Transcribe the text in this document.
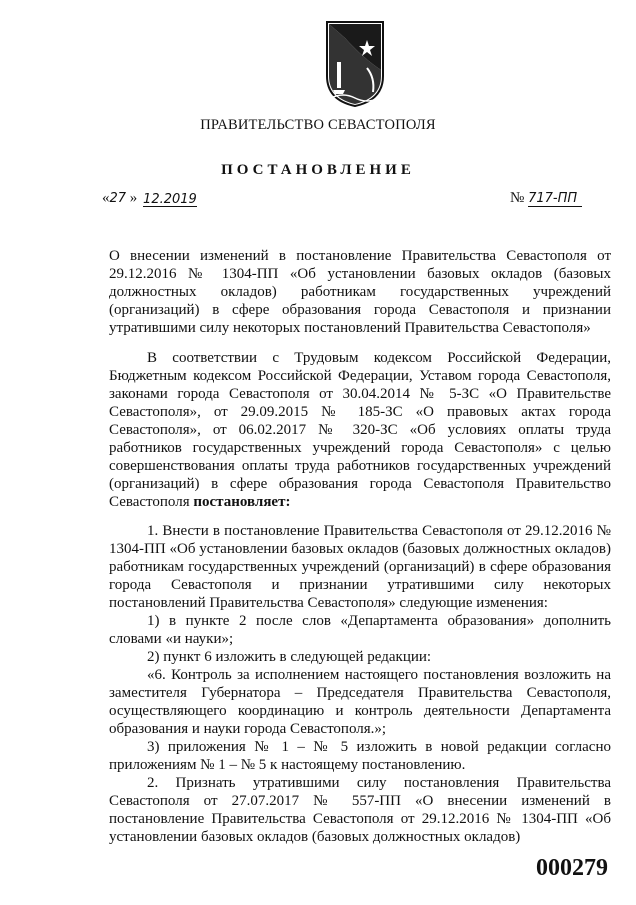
ПРАВИТЕЛЬСТВО СЕВАСТОПОЛЯ
ПОСТАНОВЛЕНИЕ
«27 » 12.2019	№ 717-ПП

О внесении изменений в постановление Правительства Севастополя от 29.12.2016 № 1304-ПП «Об установлении базовых окладов (базовых должностных окладов) работникам государственных учреждений (организаций) в сфере образования города Севастополя и признании утратившими силу некоторых постановлений Правительства Севастополя»

В соответствии с Трудовым кодексом Российской Федерации, Бюджетным кодексом Российской Федерации, Уставом города Севастополя, законами города Севастополя от 30.04.2014 № 5-ЗС «О Правительстве Севастополя», от 29.09.2015 № 185-ЗС «О правовых актах города Севастополя», от 06.02.2017 № 320-ЗС «Об условиях оплаты труда работников государственных учреждений города Севастополя» с целью совершенствования оплаты труда работников государственных учреждений (организаций) в сфере образования города Севастополя Правительство Севастополя постановляет:

1. Внести в постановление Правительства Севастополя от 29.12.2016 № 1304-ПП «Об установлении базовых окладов (базовых должностных окладов) работникам государственных учреждений (организаций) в сфере образования города Севастополя и признании утратившими силу некоторых постановлений Правительства Севастополя» следующие изменения:

1) в пункте 2 после слов «Департамента образования» дополнить словами «и науки»;

2) пункт 6 изложить в следующей редакции:

«6. Контроль за исполнением настоящего постановления возложить на заместителя Губернатора – Председателя Правительства Севастополя, осуществляющего координацию и контроль деятельности Департамента образования и науки города Севастополя.»;

3) приложения № 1 – № 5 изложить в новой редакции согласно приложениям № 1 – № 5 к настоящему постановлению.

2. Признать утратившими силу постановления Правительства Севастополя от 27.07.2017 № 557-ПП «О внесении изменений в постановление Правительства Севастополя от 29.12.2016 № 1304-ПП «Об установлении базовых окладов (базовых должностных окладов)

000279
